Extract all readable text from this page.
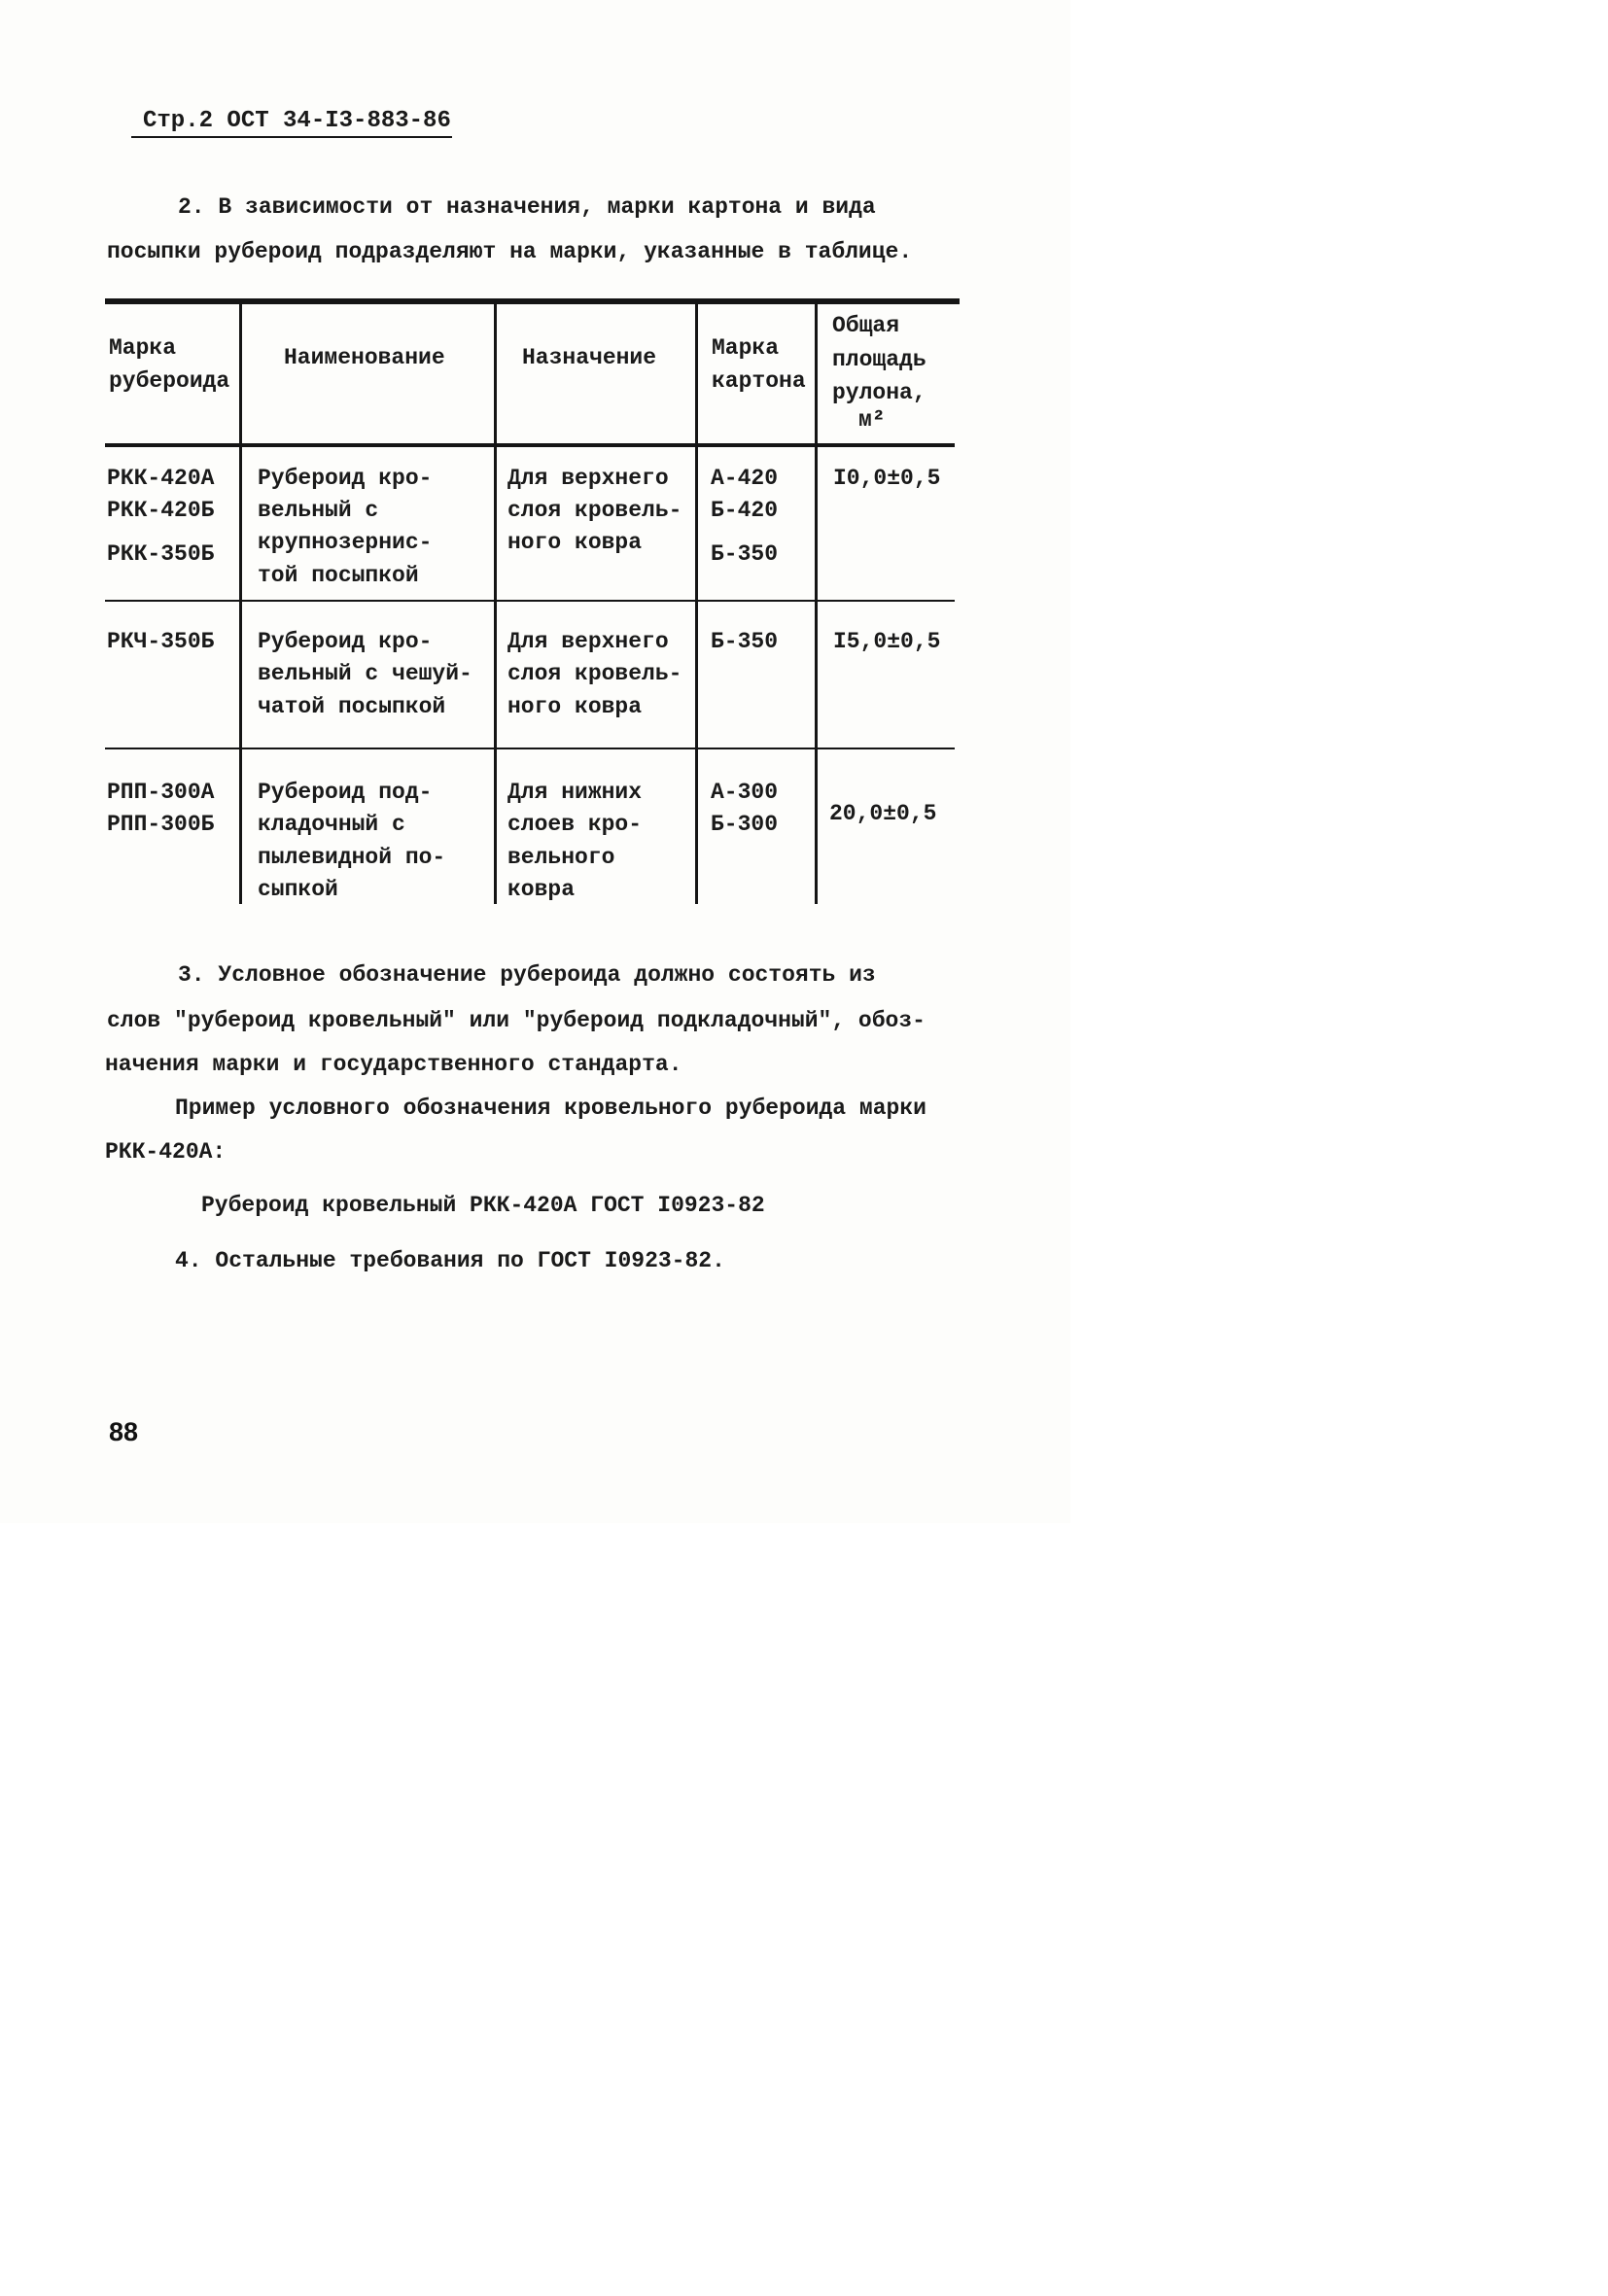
Стр.2 ОСТ 34-I3-883-86
2. В зависимости от назначения, марки картона и вида
посыпки рубероид подразделяют на марки, указанные в таблице.
Марка
рубероида
Наименование	Назначение Марка
картона
Общая
площадь
рулона,
м²
РКК-420А
РКК-420Б
РКК-350Б
Рубероид кро-
вельный с
крупнозернис-
той посыпкой
Для верхнего
слоя кровель-
ного ковра
А-420
Б-420
Б-350
I0,0±0,5
РКЧ-350Б Рубероид кро-
вельный с чешуй-
чатой посыпкой
Для верхнего
слоя кровель-
ного ковра
Б-350 I5,0±0,5
РПП-300А
РПП-300Б
Рубероид под-
кладочный с
пылевидной по-
сыпкой
Для нижних
слоев кро-
вельного
ковра
А-300
Б-300 20,0±0,5
3. Условное обозначение рубероида должно состоять из
слов "рубероид кровельный" или "рубероид подкладочный", обоз-
начения марки и государственного стандарта.
Пример условного обозначения кровельного рубероида марки
РКК-420А:
Рубероид кровельный РКК-420А ГОСТ I0923-82
4. Остальные требования по ГОСТ I0923-82.
88
